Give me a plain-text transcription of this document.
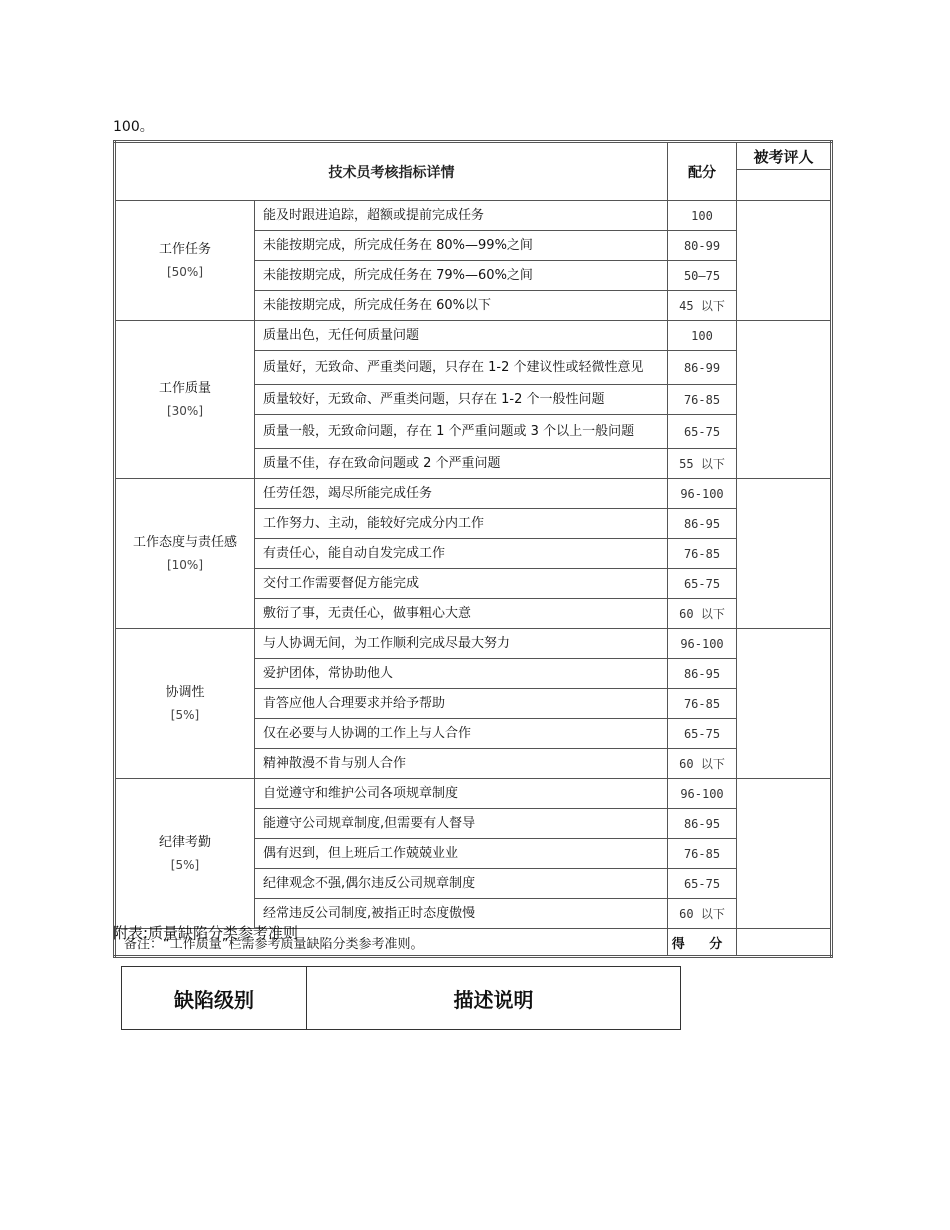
100。
技术员考核指标详情		配分	被考评人

工作任务
[50%]	能及时跟进追踪，超额或提前完成任务	100	
	未能按期完成，所完成任务在 80%—99%之间	80-99	
	未能按期完成，所完成任务在 79%—60%之间	50—75	
	未能按期完成，所完成任务在 60%以下	45 以下	

工作质量
[30%]	质量出色，无任何质量问题	100	
	质量好，无致命、严重类问题，只存在 1-2 个建议性或轻微性意见	86-99	
	质量较好，无致命、严重类问题，只存在 1-2 个一般性问题	76-85	
	质量一般，无致命问题，存在 1 个严重问题或 3 个以上一般问题	65-75	
	质量不佳，存在致命问题或 2 个严重问题	55 以下	

工作态度与责任感
[10%]	任劳任怨，竭尽所能完成任务	96-100	
	工作努力、主动，能较好完成分内工作	86-95	
	有责任心，能自动自发完成工作	76-85	
	交付工作需要督促方能完成	65-75	
	敷衍了事，无责任心，做事粗心大意	60 以下	

协调性
[5%]	与人协调无间，为工作顺利完成尽最大努力	96-100	
	爱护团体，常协助他人	86-95	
	肯答应他人合理要求并给予帮助	76-85	
	仅在必要与人协调的工作上与人合作	65-75	
	精神散漫不肯与别人合作	60 以下	

纪律考勤
[5%]	自觉遵守和维护公司各项规章制度	96-100	
	能遵守公司规章制度,但需要有人督导	86-95	
	偶有迟到，但上班后工作兢兢业业	76-85	
	纪律观念不强,偶尔违反公司规章制度	65-75	
	经常违反公司制度,被指正时态度傲慢	60 以下	
备注：“工作质量”栏需参考质量缺陷分类参考准则。		得 分	
附表:质量缺陷分类参考准则
缺陷级别	描述说明
